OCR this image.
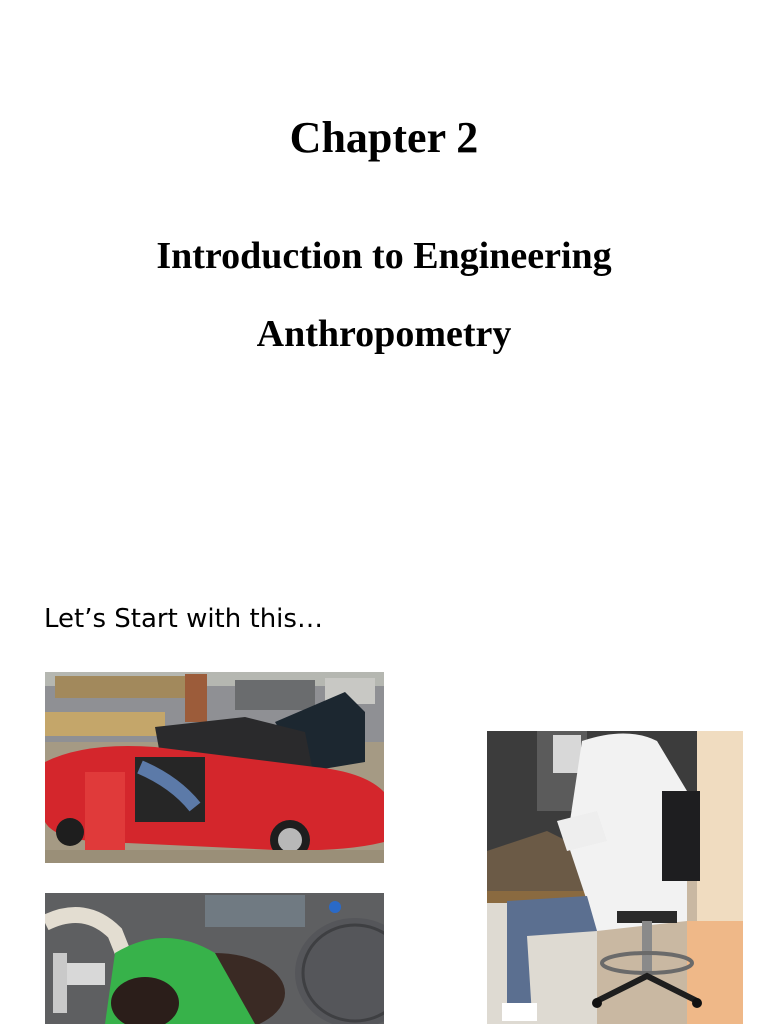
Chapter 2
Introduction to Engineering
Anthropometry
Let’s Start with this…
